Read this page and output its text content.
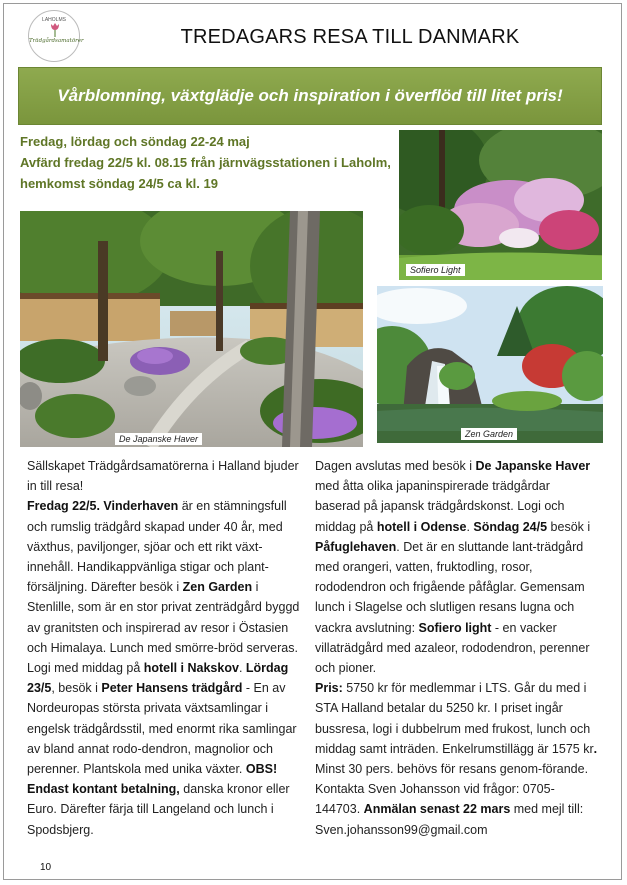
LAHOLMS
Trädgårdsamatörer	TREDAGARS RESA TILL DANMARK
Vårblomning, växtglädje och inspiration i överflöd till litet pris!
Fredag, lördag och söndag 22-24 maj
Avfärd fredag 22/5 kl. 08.15 från järnvägsstationen i Laholm,
hemkomst söndag 24/5 ca kl. 19
De Japanske Haver
Sofiero Light
Zen Garden
Sällskapet Trädgårdsamatörerna i Halland bjuder in till resa!
Fredag 22/5. Vinderhaven är en stämningsfull och rumslig trädgård skapad under 40 år, med växthus, paviljonger, sjöar och ett rikt växt-innehåll. Handikappvänliga stigar och plant-försäljning. Därefter besök i Zen Garden i Stenlille, som är en stor privat zenträdgård byggd av granitsten och inspirerad av resor i Östasien och Himalaya. Lunch med smörre-bröd serveras. Logi med middag på hotell i Nakskov. Lördag 23/5, besök i Peter Hansens trädgård - En av Nordeuropas största privata växtsamlingar i engelsk trädgårdsstil, med enormt rika samlingar av bland annat rodo-dendron, magnolior och perenner. Plantskola med unika växter. OBS! Endast kontant betalning, danska kronor eller Euro. Därefter färja till Langeland och lunch i Spodsbjerg.
Dagen avslutas med besök i De Japanske Haver med åtta olika japaninspirerade trädgårdar baserad på japansk trädgårdskonst. Logi och middag på hotell i Odense. Söndag 24/5 besök i Påfuglehaven. Det är en sluttande lant-trädgård med orangeri, vatten, fruktodling, rosor, rododendron och frigående påfåglar. Gemensam lunch i Slagelse och slutligen resans lugna och vackra avslutning: Sofiero light - en vacker villaträdgård med azaleor, rododendron, perenner och pioner.
Pris: 5750 kr för medlemmar i LTS. Går du med i STA Halland betalar du 5250 kr. I priset ingår bussresa, logi i dubbelrum med frukost, lunch och middag samt inträden. Enkelrumstillägg är 1575 kr. Minst 30 pers. behövs för resans genom-förande. Kontakta Sven Johansson vid frågor: 0705-144703. Anmälan senast 22 mars med mejl till: Sven.johansson99@gmail.com
10
